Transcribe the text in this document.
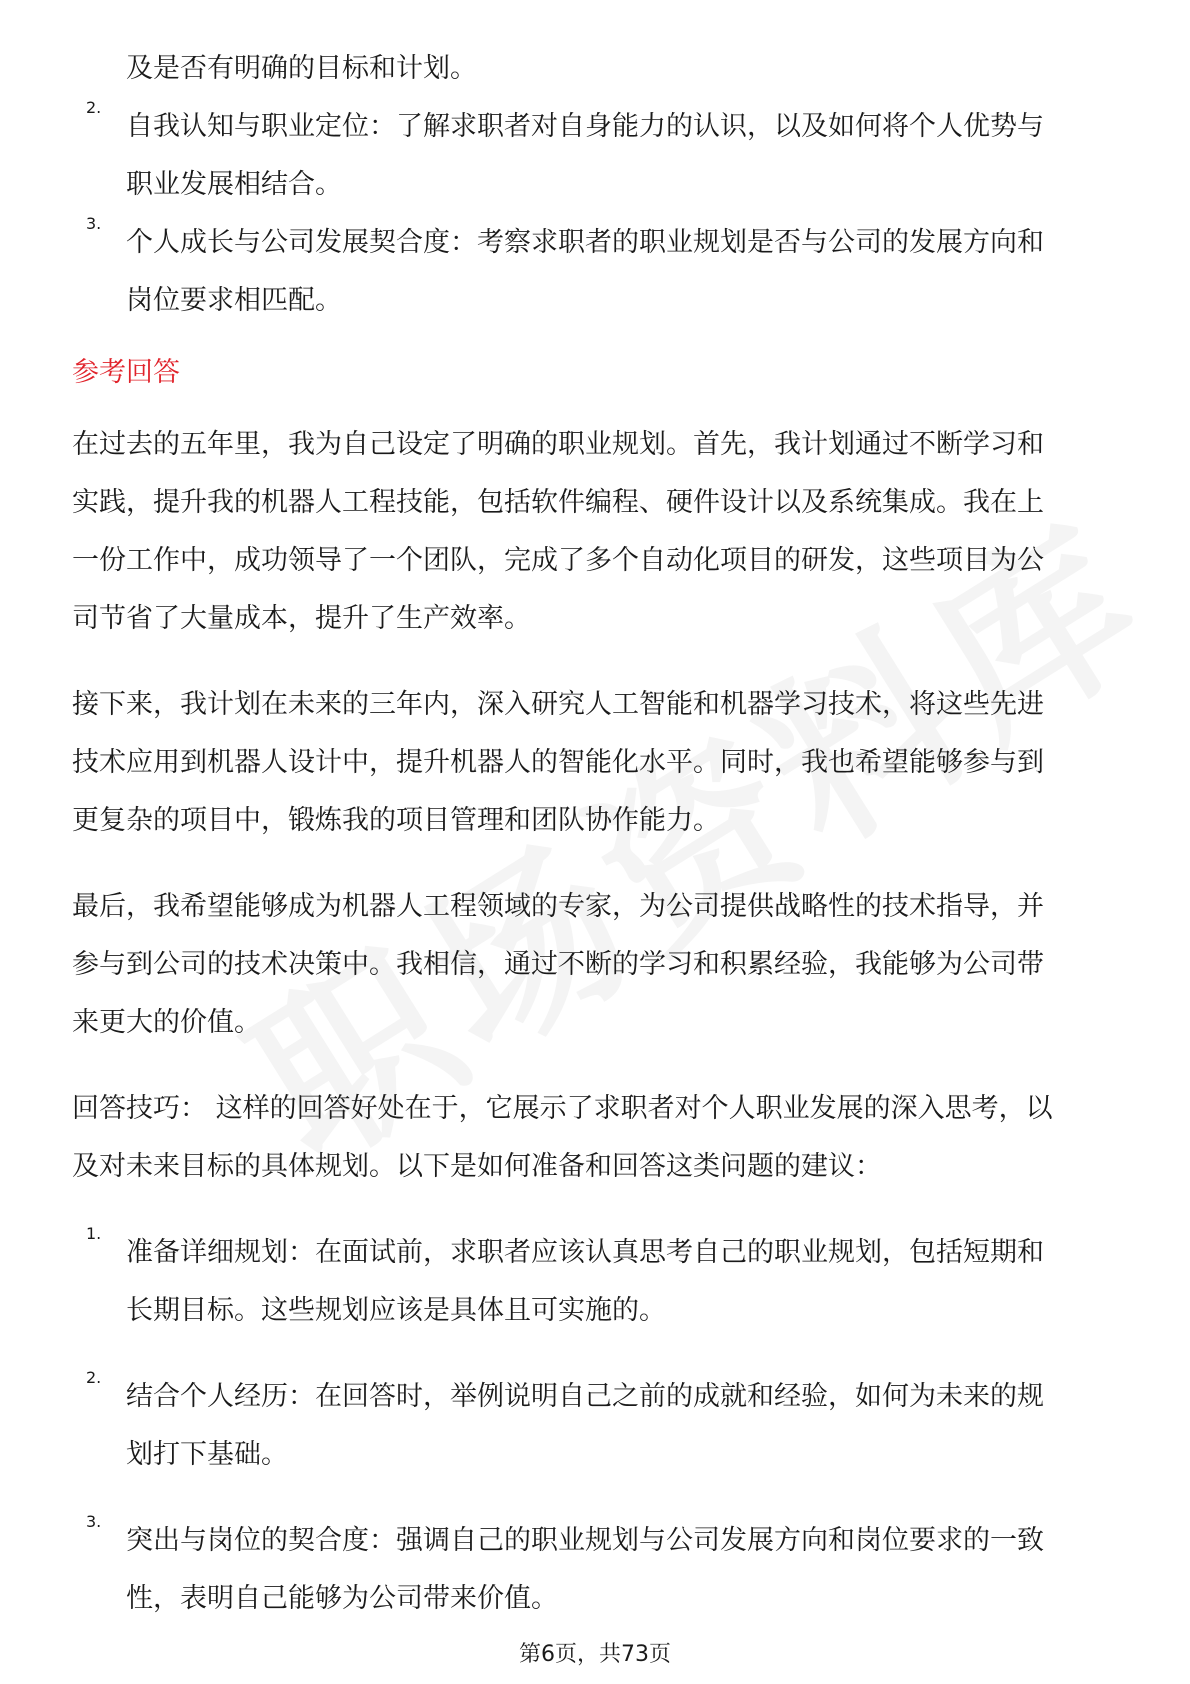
及是否有明确的目标和计划。
2.
自我认知与职业定位：了解求职者对自身能力的认识，以及如何将个人优势与
职业发展相结合。
3.
个人成长与公司发展契合度：考察求职者的职业规划是否与公司的发展方向和
岗位要求相匹配。
参考回答
在过去的五年里，我为自己设定了明确的职业规划。首先，我计划通过不断学习和
实践，提升我的机器人工程技能，包括软件编程、硬件设计以及系统集成。我在上
一份工作中，成功领导了一个团队，完成了多个自动化项目的研发，这些项目为公
司节省了大量成本，提升了生产效率。
接下来，我计划在未来的三年内，深入研究人工智能和机器学习技术，将这些先进
技术应用到机器人设计中，提升机器人的智能化水平。同时，我也希望能够参与到
更复杂的项目中，锻炼我的项目管理和团队协作能力。
最后，我希望能够成为机器人工程领域的专家，为公司提供战略性的技术指导，并
参与到公司的技术决策中。我相信，通过不断的学习和积累经验，我能够为公司带
来更大的价值。
回答技巧： 这样的回答好处在于，它展示了求职者对个人职业发展的深入思考，以
及对未来目标的具体规划。以下是如何准备和回答这类问题的建议：
1.
准备详细规划：在面试前，求职者应该认真思考自己的职业规划，包括短期和
长期目标。这些规划应该是具体且可实施的。
2.
结合个人经历：在回答时，举例说明自己之前的成就和经验，如何为未来的规
划打下基础。
3.
突出与岗位的契合度：强调自己的职业规划与公司发展方向和岗位要求的一致
性，表明自己能够为公司带来价值。
第6页，共73页
